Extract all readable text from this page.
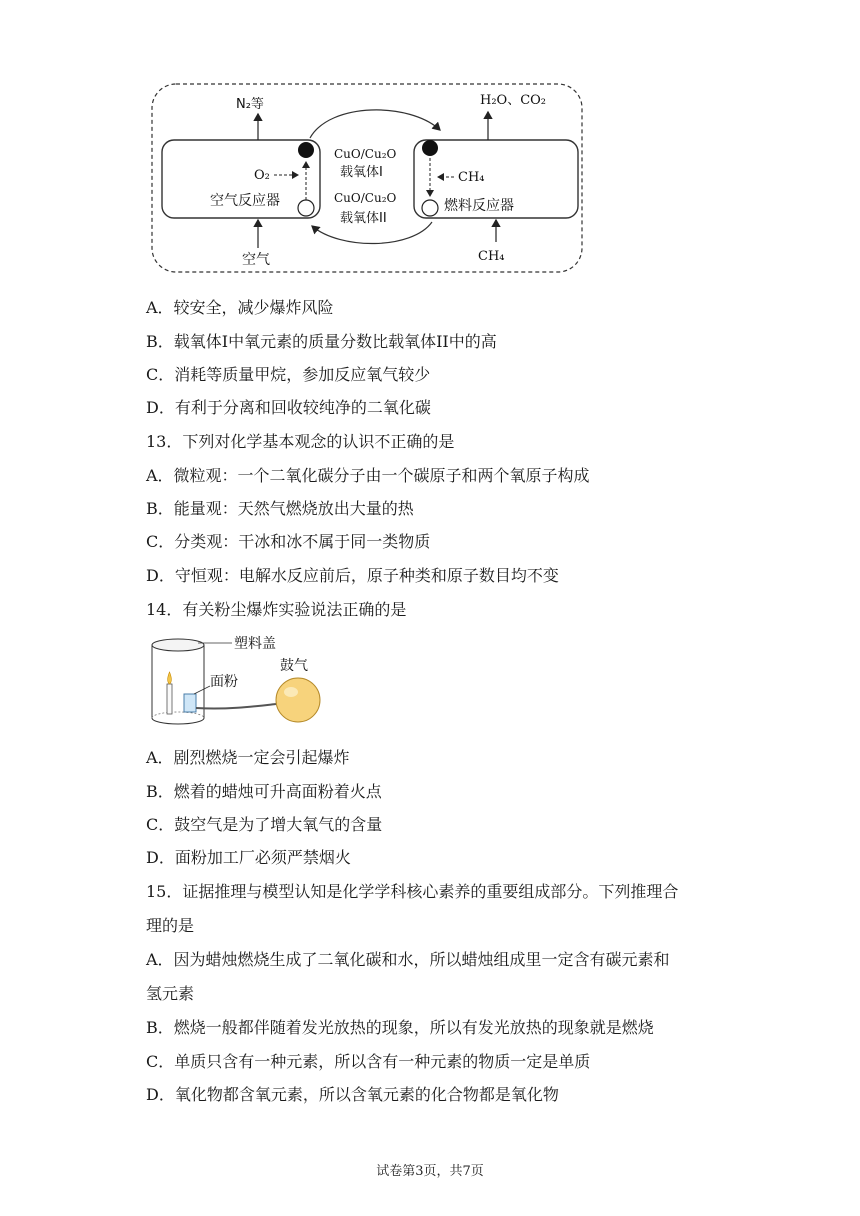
N₂等	H₂O、CO₂
空气	CH₄
O₂
空气反应器
CuO/Cu₂O
载氧体I
CuO/Cu₂O
载氧体II
CH₄
燃料反应器
A．较安全，减少爆炸风险
B．载氧体I中氧元素的质量分数比载氧体II中的高
C．消耗等质量甲烷，参加反应氧气较少
D．有利于分离和回收较纯净的二氧化碳
13．下列对化学基本观念的认识不正确的是
A．微粒观：一个二氧化碳分子由一个碳原子和两个氧原子构成
B．能量观：天然气燃烧放出大量的热
C．分类观：干冰和冰不属于同一类物质
D．守恒观：电解水反应前后，原子种类和原子数目均不变
14．有关粉尘爆炸实验说法正确的是
塑料盖
面粉
鼓气
A．剧烈燃烧一定会引起爆炸
B．燃着的蜡烛可升高面粉着火点
C．鼓空气是为了增大氧气的含量
D．面粉加工厂必须严禁烟火
15．证据推理与模型认知是化学学科核心素养的重要组成部分。下列推理合
理的是
A．因为蜡烛燃烧生成了二氧化碳和水，所以蜡烛组成里一定含有碳元素和
氢元素
B．燃烧一般都伴随着发光放热的现象，所以有发光放热的现象就是燃烧
C．单质只含有一种元素，所以含有一种元素的物质一定是单质
D．氧化物都含氧元素，所以含氧元素的化合物都是氧化物
试卷第3页，共7页
